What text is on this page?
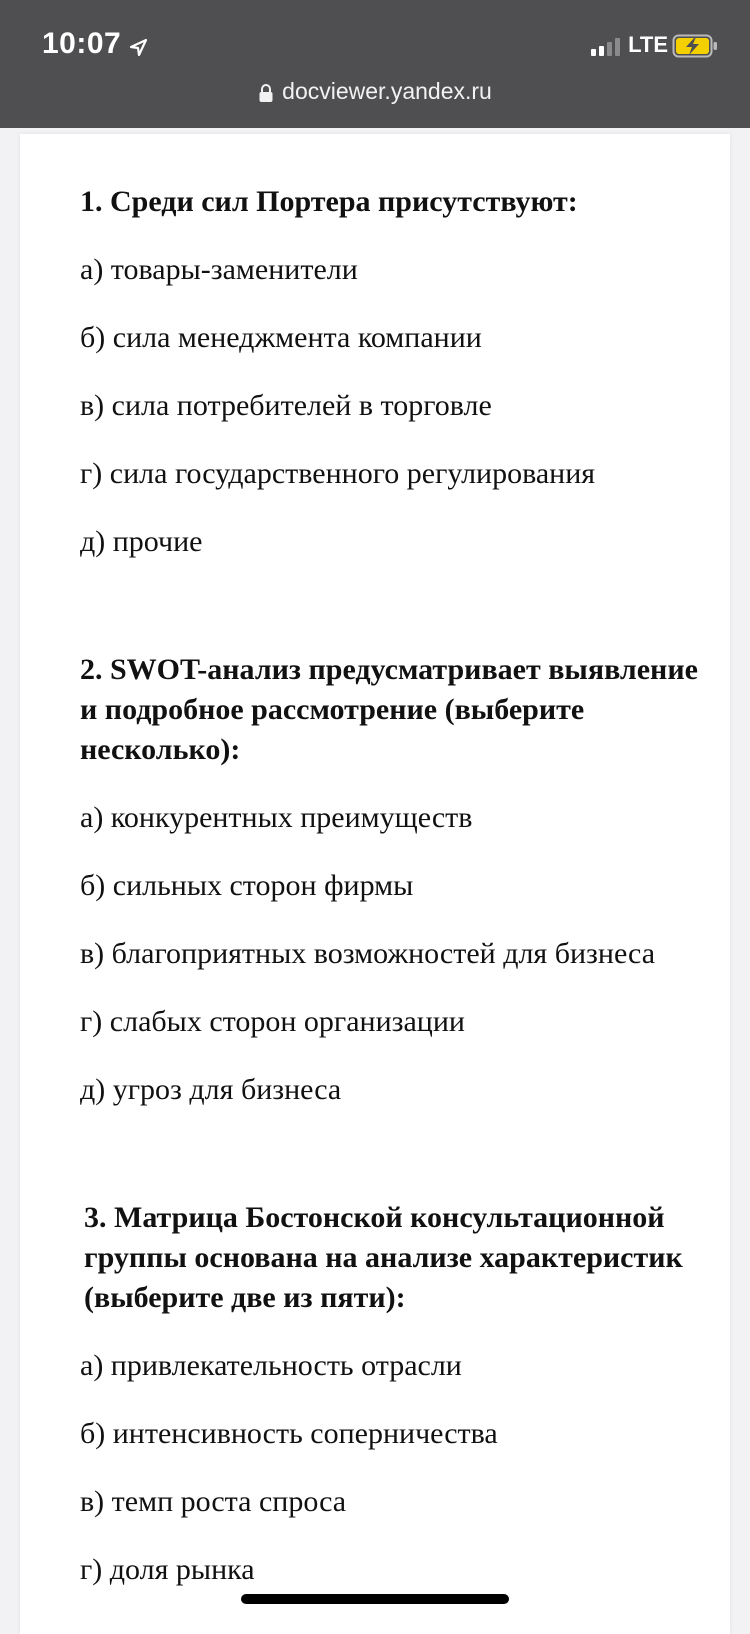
10:07	LTE
docviewer.yandex.ru
1. Среди сил Портера присутствуют:
а) товары-заменители
б) сила менеджмента компании
в) сила потребителей в торговле
г) сила государственного регулирования
д) прочие
2. SWOT-анализ предусматривает выявление и подробное рассмотрение (выберите несколько):
а) конкурентных преимуществ
б) сильных сторон фирмы
в) благоприятных возможностей для бизнеса
г) слабых сторон организации
д) угроз для бизнеса
3. Матрица Бостонской консультационной группы основана на анализе характеристик (выберите две из пяти):
а) привлекательность отрасли
б) интенсивность соперничества
в) темп роста спроса
г) доля рынка
